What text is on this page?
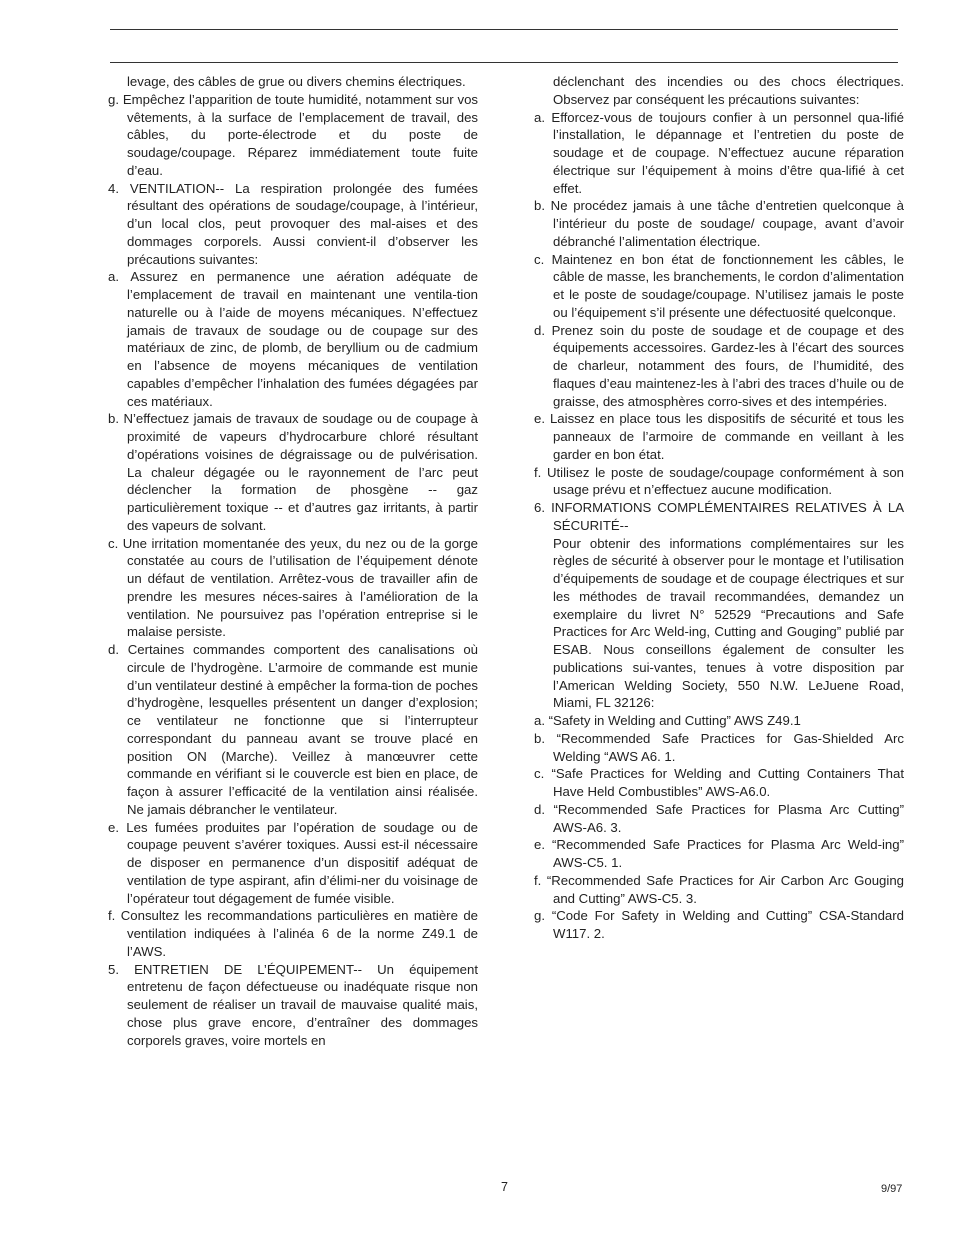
levage, des câbles de grue ou divers chemins électriques.

g. Empêchez l’apparition de toute humidité, notamment sur vos vêtements, à la surface de l’emplacement de travail, des câbles, du porte-électrode et du poste de soudage/coupage. Réparez immédiatement toute fuite d’eau.

4. VENTILATION-- La respiration prolongée des fumées résultant des opérations de soudage/coupage, à l’intérieur, d’un local clos, peut provoquer des mal-aises et des dommages corporels. Aussi convient-il d’observer les précautions suivantes:

a. Assurez en permanence une aération adéquate de l’emplacement de travail en maintenant une ventila-tion naturelle ou à l’aide de moyens mécaniques. N’effectuez jamais de travaux de soudage ou de coupage sur des matériaux de zinc, de plomb, de beryllium ou de cadmium en l’absence de moyens mécaniques de ventilation capables d’empêcher l’inhalation des fumées dégagées par ces matériaux.

b. N’effectuez jamais de travaux de soudage ou de coupage à proximité de vapeurs d’hydrocarbure chloré résultant d’opérations voisines de dégraissage ou de pulvérisation. La chaleur dégagée ou le rayonnement de l’arc peut déclencher la formation de phosgène -- gaz particulièrement toxique -- et d’autres gaz irritants, à partir des vapeurs de solvant.

c. Une irritation momentanée des yeux, du nez ou de la gorge constatée au cours de l’utilisation de l’équipement dénote un défaut de ventilation. Arrêtez-vous de travailler afin de prendre les mesures néces-saires à l’amélioration de la ventilation. Ne poursuivez pas l’opération entreprise si le malaise persiste.

d. Certaines commandes comportent des canalisations où circule de l’hydrogène. L’armoire de commande est munie d’un ventilateur destiné à empêcher la forma-tion de poches d’hydrogène, lesquelles présentent un danger d’explosion; ce ventilateur ne fonctionne que si l’interrupteur correspondant du panneau avant se trouve placé en position ON (Marche). Veillez à manœuvrer cette commande en vérifiant si le couvercle est bien en place, de façon à assurer l’efficacité de la ventilation ainsi réalisée. Ne jamais débrancher le ventilateur.

e. Les fumées produites par l’opération de soudage ou de coupage peuvent s’avérer toxiques. Aussi est-il nécessaire de disposer en permanence d’un dispositif adéquat de ventilation de type aspirant, afin d’élimi-ner du voisinage de l’opérateur tout dégagement de fumée visible.

f. Consultez les recommandations particulières en matière de ventilation indiquées à l’alinéa 6 de la norme Z49.1 de l’AWS.

5. ENTRETIEN DE L’ÉQUIPEMENT-- Un équipement entretenu de façon défectueuse ou inadéquate risque non seulement de réaliser un travail de mauvaise qualité mais, chose plus grave encore, d’entraîner des dommages corporels graves, voire mortels en

déclenchant des incendies ou des chocs électriques. Observez par conséquent les précautions suivantes:

a. Efforcez-vous de toujours confier à un personnel qua-lifié l’installation, le dépannage et l’entretien du poste de soudage et de coupage. N’effectuez aucune réparation électrique sur l’équipement à moins d’être qua-lifié à cet effet.

b. Ne procédez jamais à une tâche d’entretien quelconque à l’intérieur du poste de soudage/ coupage, avant d’avoir débranché l’alimentation électrique.

c. Maintenez en bon état de fonctionnement les câbles, le câble de masse, les branchements, le cordon d’alimentation et le poste de soudage/coupage. N’utilisez jamais le poste ou l’équipement s’il présente une défectuosité quelconque.

d. Prenez soin du poste de soudage et de coupage et des équipements accessoires. Gardez-les à l’écart des sources de charleur, notamment des fours, de l’humidité, des flaques d’eau maintenez-les à l’abri des traces d’huile ou de graisse, des atmosphères corro-sives et des intempéries.

e. Laissez en place tous les dispositifs de sécurité et tous les panneaux de l’armoire de commande en veillant à les garder en bon état.

f. Utilisez le poste de soudage/coupage conformément à son usage prévu et n’effectuez aucune modification.

6. INFORMATIONS COMPLÉMENTAIRES RELATIVES À LA SÉCURITÉ--

Pour obtenir des informations complémentaires sur les règles de sécurité à observer pour le montage et l’utilisation d’équipements de soudage et de coupage électriques et sur les méthodes de travail recommandées, demandez un exemplaire du livret N° 52529 “Precautions and Safe Practices for Arc Weld-ing, Cutting and Gouging” publié par ESAB. Nous conseillons également de consulter les publications sui-vantes, tenues à votre disposition par l’American Welding Society, 550 N.W. LeJuene Road, Miami, FL 32126:

a. “Safety in Welding and Cutting” AWS Z49.1

b. “Recommended Safe Practices for Gas-Shielded Arc Welding “AWS A6. 1.

c. “Safe Practices for Welding and Cutting Containers That Have Held Combustibles” AWS-A6.0.

d. “Recommended Safe Practices for Plasma Arc Cutting” AWS-A6. 3.

e. “Recommended Safe Practices for Plasma Arc Weld-ing” AWS-C5. 1.

f. “Recommended Safe Practices for Air Carbon Arc Gouging and Cutting” AWS-C5. 3.

g. “Code For Safety in Welding and Cutting” CSA-Standard W117. 2.

7	9/97
